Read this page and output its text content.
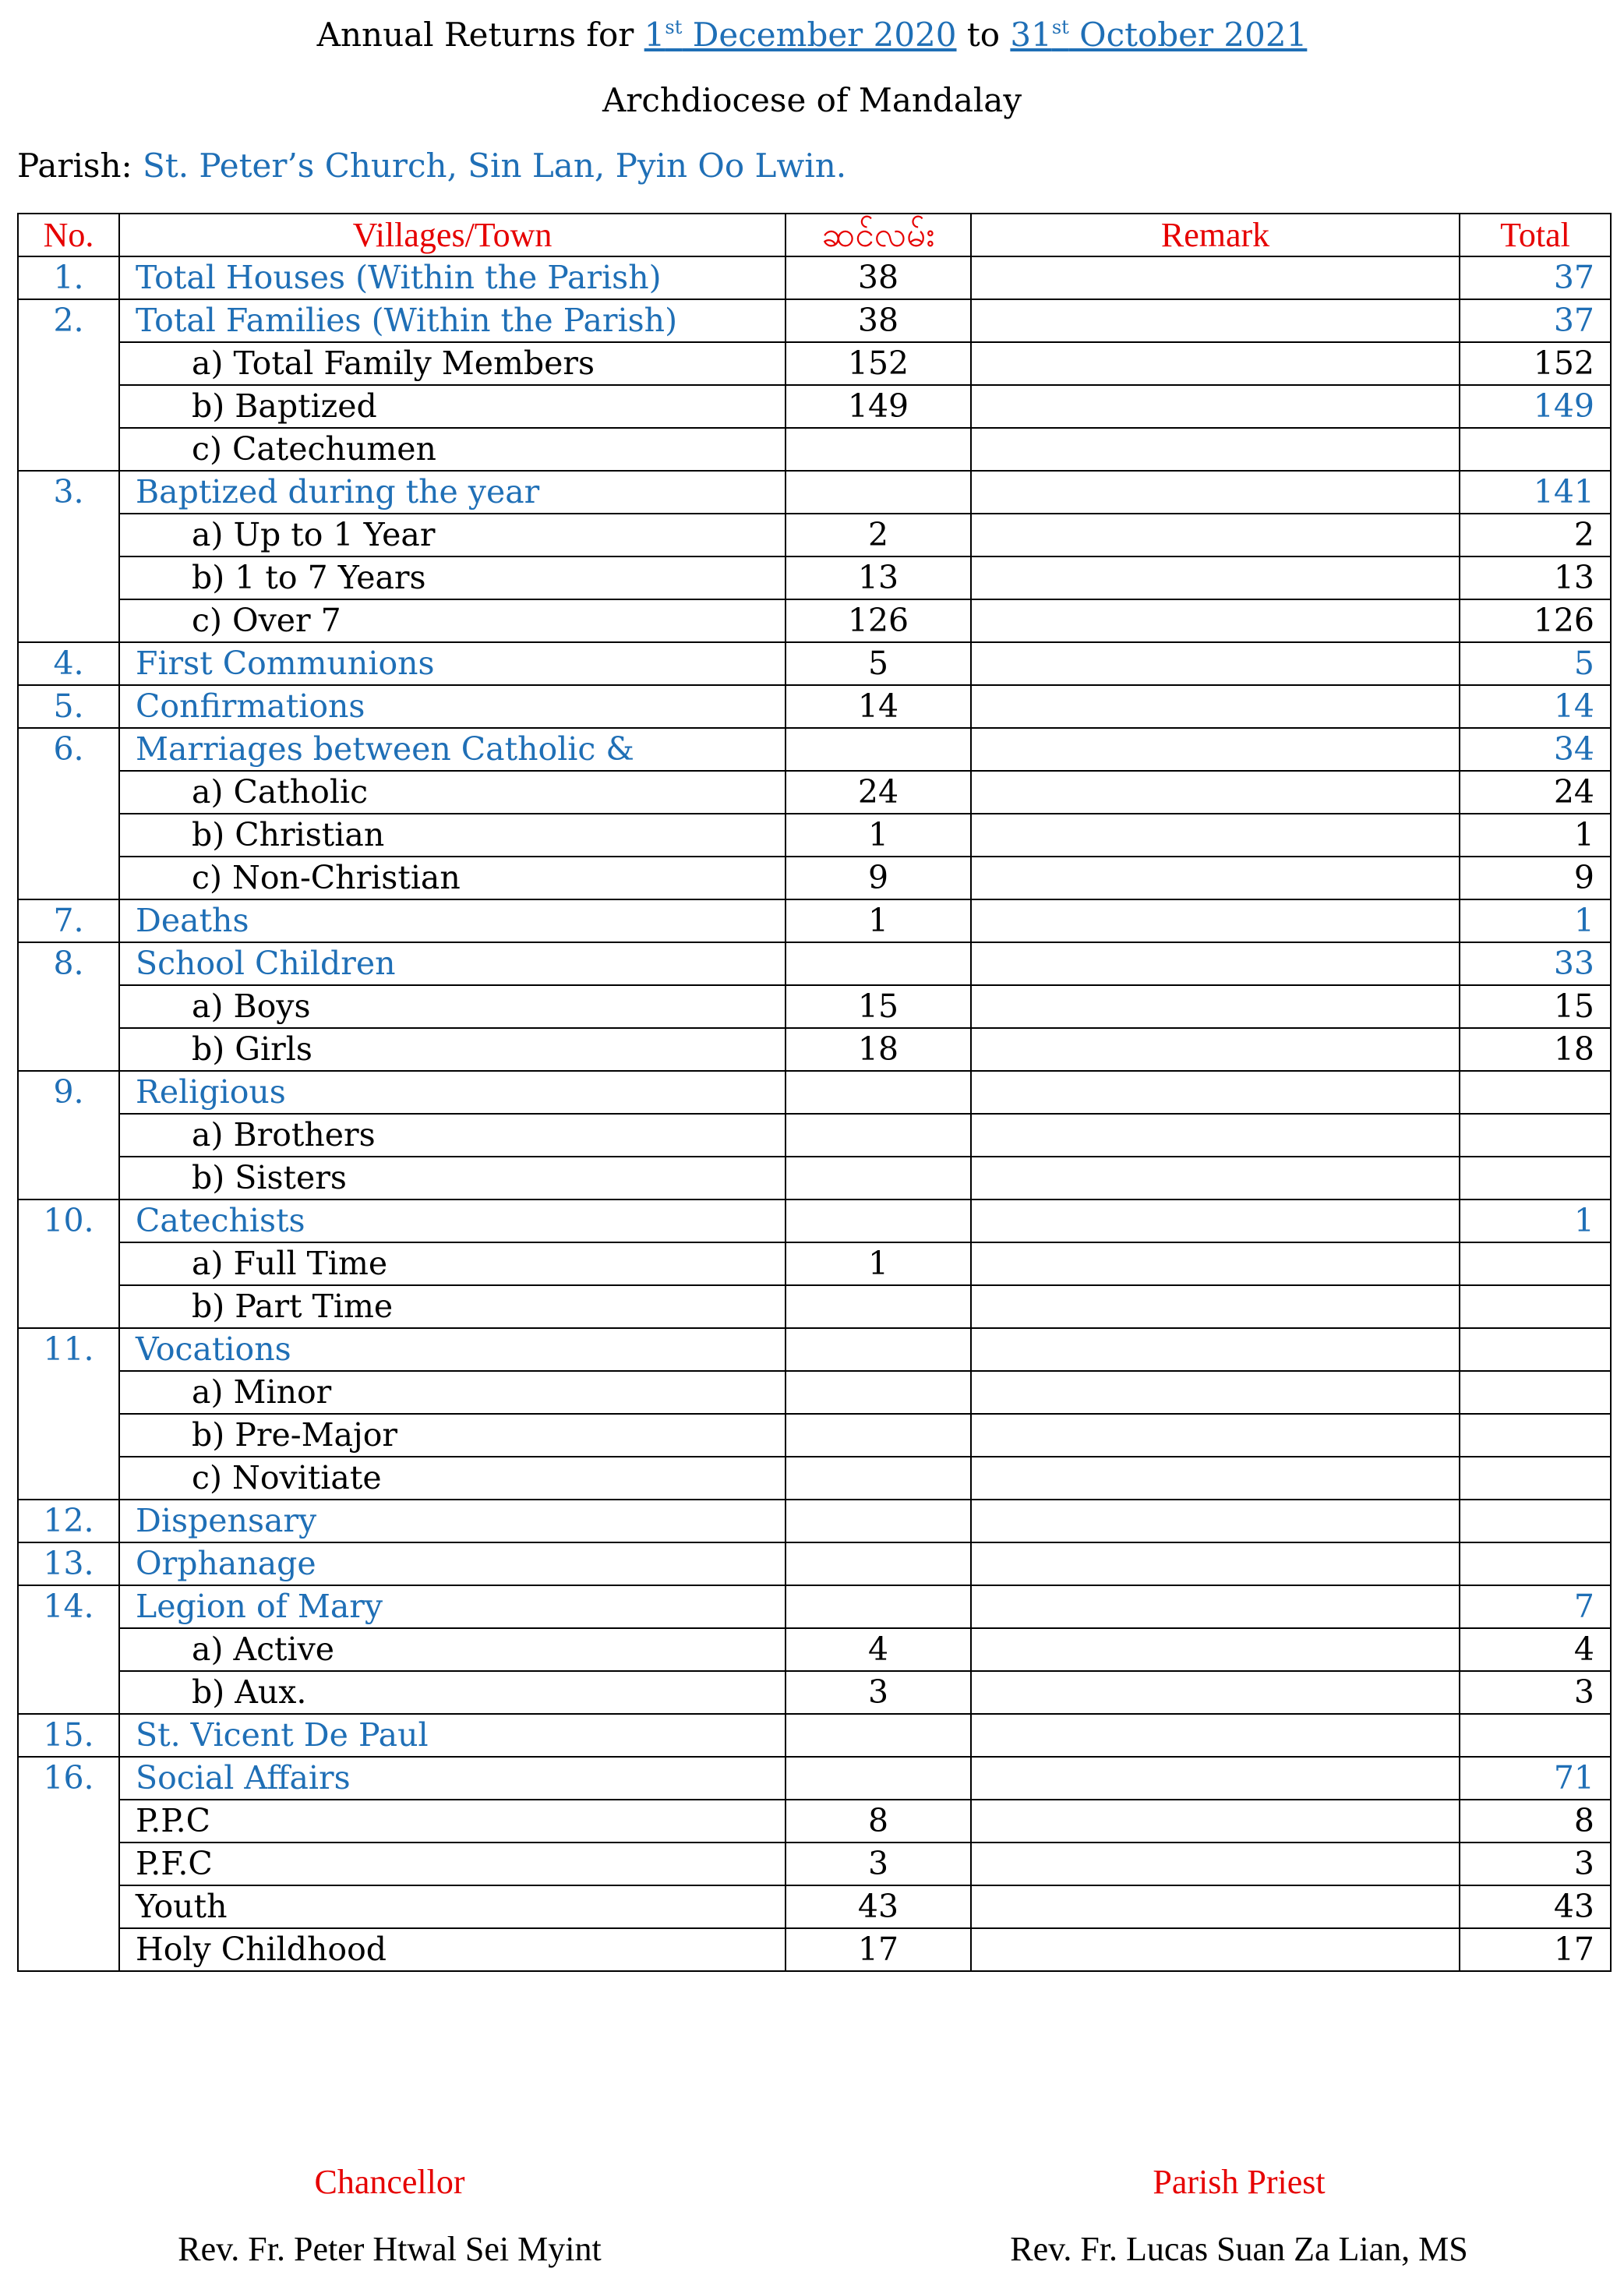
Annual Returns for 1st December 2020 to 31st October 2021
Archdiocese of Mandalay
Parish: St. Peter’s Church, Sin Lan, Pyin Oo Lwin.
No.	Villages/Town	ဆင်လမ်း	Remark	Total
1.	Total Houses (Within the Parish)	38		37
2.	Total Families (Within the Parish)	38		37
	a) Total Family Members	152		152
	b) Baptized	149		149
	c) Catechumen			
3.	Baptized during the year			141
	a) Up to 1 Year	2		2
	b) 1 to 7 Years	13		13
	c) Over 7	126		126
4.	First Communions	5		5
5.	Confirmations	14		14
6.	Marriages between Catholic &			34
	a) Catholic	24		24
	b) Christian	1		1
	c) Non-Christian	9		9
7.	Deaths	1		1
8.	School Children			33
	a) Boys	15		15
	b) Girls	18		18
9.	Religious			
	a) Brothers			
	b) Sisters			
10.	Catechists			1
	a) Full Time	1		
	b) Part Time			
11.	Vocations			
	a) Minor			
	b) Pre-Major			
	c) Novitiate			
12.	Dispensary			
13.	Orphanage			
14.	Legion of Mary			7
	a) Active	4		4
	b) Aux.	3		3
15.	St. Vicent De Paul			
16.	Social Affairs			71
	P.P.C	8		8
	P.F.C	3		3
	Youth	43		43
	Holy Childhood	17		17
Chancellor
Rev. Fr. Peter Htwal Sei Myint
Parish Priest
Rev. Fr. Lucas Suan Za Lian, MS
